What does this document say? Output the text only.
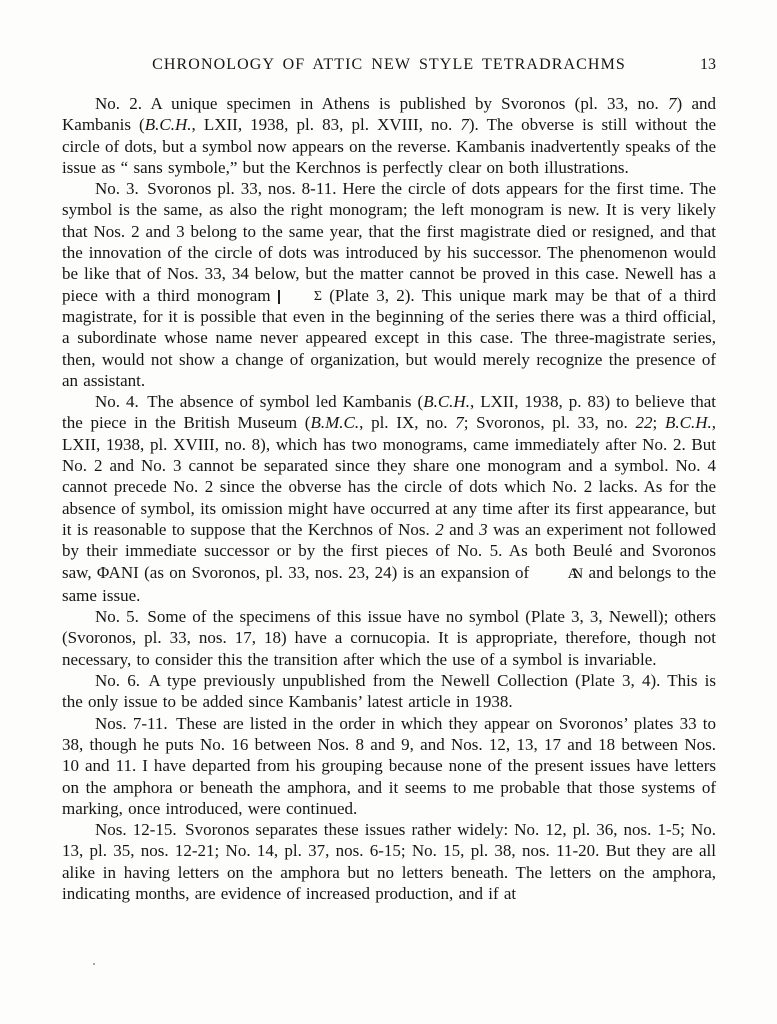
CHRONOLOGY OF ATTIC NEW STYLE TETRADRACHMS	13

No. 2. A unique specimen in Athens is published by Svoronos (pl. 33, no. 7) and Kambanis (B.C.H., LXII, 1938, pl. 83, pl. XVIII, no. 7). The obverse is still without the circle of dots, but a symbol now appears on the reverse. Kambanis inadvertently speaks of the issue as “ sans symbole,” but the Kerchnos is perfectly clear on both illustrations.

No. 3. Svoronos pl. 33, nos. 8-11. Here the circle of dots appears for the first time. The symbol is the same, as also the right monogram; the left monogram is new. It is very likely that Nos. 2 and 3 belong to the same year, that the first magistrate died or resigned, and that the innovation of the circle of dots was introduced by his successor. The phenomenon would be like that of Nos. 33, 34 below, but the matter cannot be proved in this case. Newell has a piece with a third monogram	Σ (Plate 3, 2). This unique mark may be that of a third magistrate, for it is possible that even in the beginning of the series there was a third official, a subordinate whose name never appeared except in this case. The three-magistrate series, then, would not show a change of organization, but would merely recognize the presence of an assistant.

No. 4. The absence of symbol led Kambanis (B.C.H., LXII, 1938, p. 83) to believe that the piece in the British Museum (B.M.C., pl. IX, no. 7; Svoronos, pl. 33, no. 22; B.C.H., LXII, 1938, pl. XVIII, no. 8), which has two monograms, came immediately after No. 2. But No. 2 and No. 3 cannot be separated since they share one monogram and a symbol. No. 4 cannot precede No. 2 since the obverse has the circle of dots which No. 2 lacks. As for the absence of symbol, its omission might have occurred at any time after its first appearance, but it is reasonable to suppose that the Kerchnos of Nos. 2 and 3 was an experiment not followed by their immediate successor or by the first pieces of No. 5. As both Beulé and Svoronos saw, ΦΑΝΙ (as on Svoronos, pl. 33, nos. 23, 24) is an expansion of ΑΝ and belongs to the same issue.

No. 5. Some of the specimens of this issue have no symbol (Plate 3, 3, Newell); others (Svoronos, pl. 33, nos. 17, 18) have a cornucopia. It is appropriate, therefore, though not necessary, to consider this the transition after which the use of a symbol is invariable.

No. 6. A type previously unpublished from the Newell Collection (Plate 3, 4). This is the only issue to be added since Kambanis’ latest article in 1938.

Nos. 7-11. These are listed in the order in which they appear on Svoronos’ plates 33 to 38, though he puts No. 16 between Nos. 8 and 9, and Nos. 12, 13, 17 and 18 between Nos. 10 and 11. I have departed from his grouping because none of the present issues have letters on the amphora or beneath the amphora, and it seems to me probable that those systems of marking, once introduced, were continued.

Nos. 12-15. Svoronos separates these issues rather widely: No. 12, pl. 36, nos. 1-5; No. 13, pl. 35, nos. 12-21; No. 14, pl. 37, nos. 6-15; No. 15, pl. 38, nos. 11-20. But they are all alike in having letters on the amphora but no letters beneath. The letters on the amphora, indicating months, are evidence of increased production, and if at
